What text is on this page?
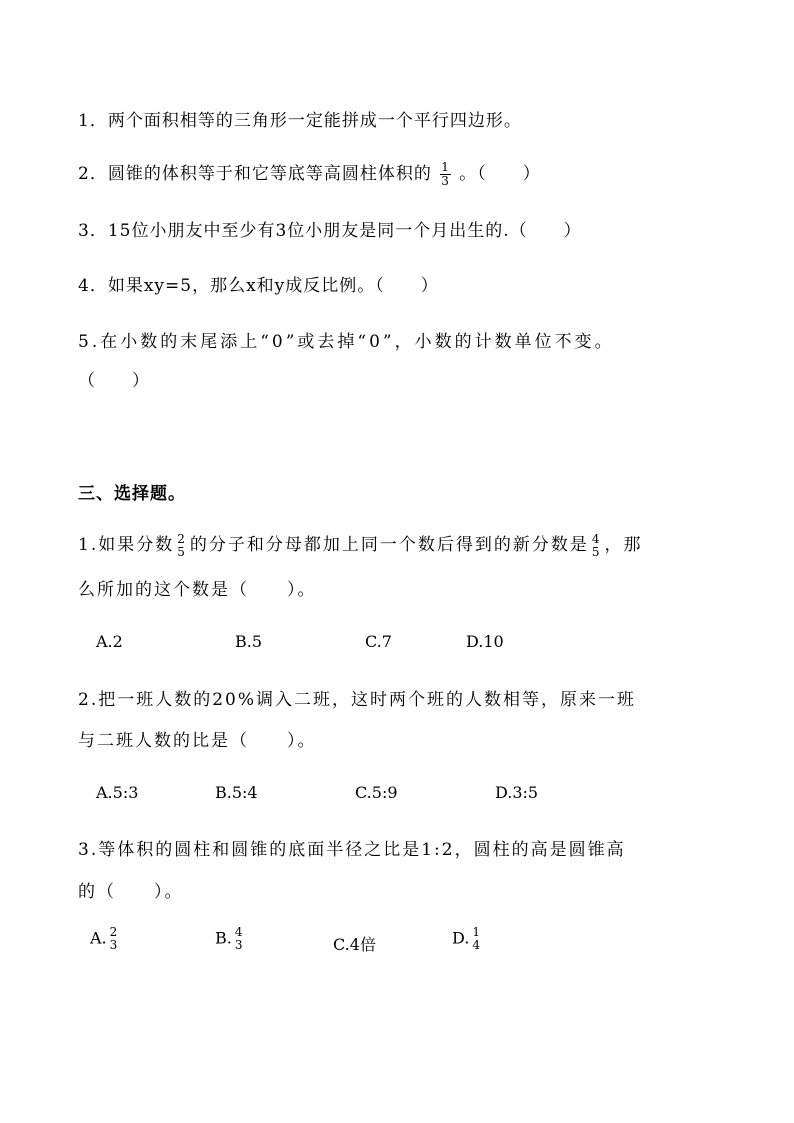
1．两个面积相等的三角形一定能拼成一个平行四边形。
2．圆锥的体积等于和它等底等高圆柱体积的 $\frac{1}{3}$ 。（　　）
3．15位小朋友中至少有3位小朋友是同一个月出生的.（　　）
4．如果xy=5，那么x和y成反比例。（　　）
5.在小数的末尾添上“0”或去掉“0”，小数的计数单位不变。
（　　）
三、选择题。
1.如果分数 2
5 的分子和分母都加上同一个数后得到的新分数是 4
5 ，那
么所加的这个数是（　　）。
A.2	B.5	C.7	D.10
2.把一班人数的20%调入二班，这时两个班的人数相等，原来一班
与二班人数的比是（　　）。
A.5:3	B.5:4	C.5:9	D.3:5
3.等体积的圆柱和圆锥的底面半径之比是1:2，圆柱的高是圆锥高
的（　　）。
A. 2
3	B. 4
3	C.4倍	D. 1
4
